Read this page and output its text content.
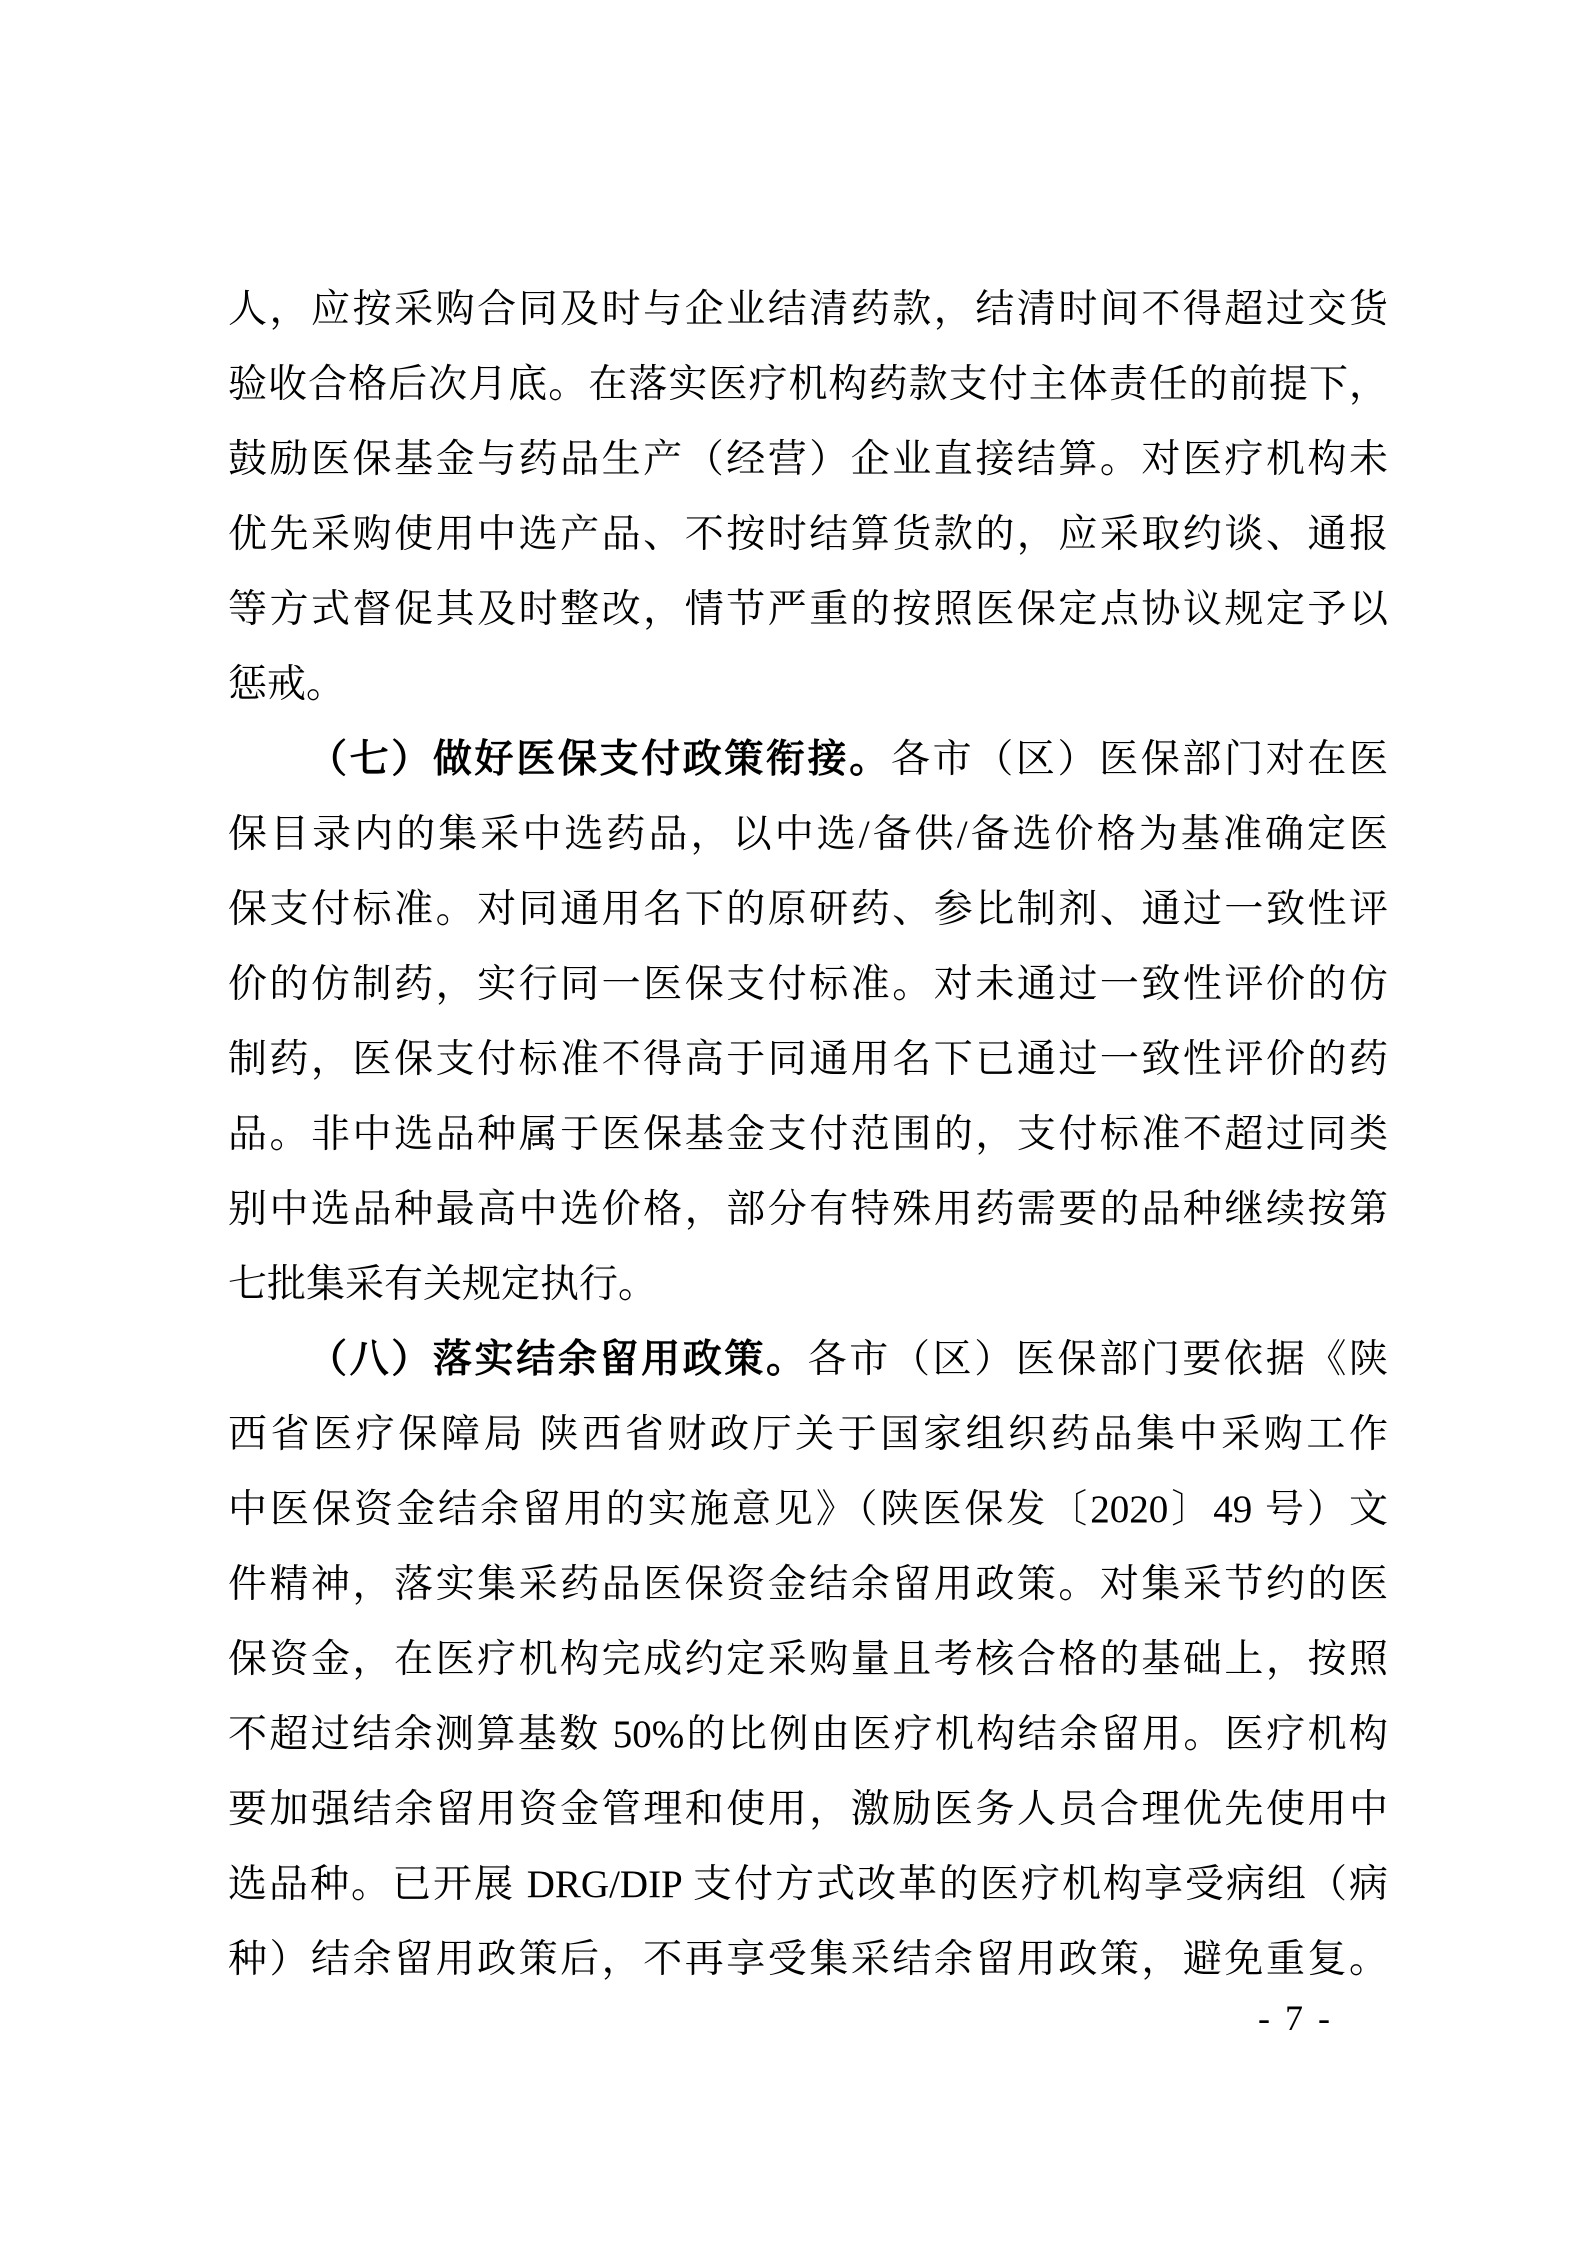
人，应按采购合同及时与企业结清药款，结清时间不得超过交货
验收合格后次月底。在落实医疗机构药款支付主体责任的前提下，
鼓励医保基金与药品生产（经营）企业直接结算。对医疗机构未
优先采购使用中选产品、不按时结算货款的，应采取约谈、通报
等方式督促其及时整改，情节严重的按照医保定点协议规定予以
惩戒。
（七）做好医保支付政策衔接。各市（区）医保部门对在医
保目录内的集采中选药品，以中选/备供/备选价格为基准确定医
保支付标准。对同通用名下的原研药、参比制剂、通过一致性评
价的仿制药，实行同一医保支付标准。对未通过一致性评价的仿
制药，医保支付标准不得高于同通用名下已通过一致性评价的药
品。非中选品种属于医保基金支付范围的，支付标准不超过同类
别中选品种最高中选价格，部分有特殊用药需要的品种继续按第
七批集采有关规定执行。
（八）落实结余留用政策。各市（区）医保部门要依据《陕
西省医疗保障局 陕西省财政厅关于国家组织药品集中采购工作
中医保资金结余留用的实施意见》（陕医保发〔2020〕49 号）文
件精神，落实集采药品医保资金结余留用政策。对集采节约的医
保资金，在医疗机构完成约定采购量且考核合格的基础上，按照
不超过结余测算基数 50%的比例由医疗机构结余留用。医疗机构
要加强结余留用资金管理和使用，激励医务人员合理优先使用中
选品种。已开展 DRG/DIP 支付方式改革的医疗机构享受病组（病
种）结余留用政策后，不再享受集采结余留用政策，避免重复。
- 7 -
